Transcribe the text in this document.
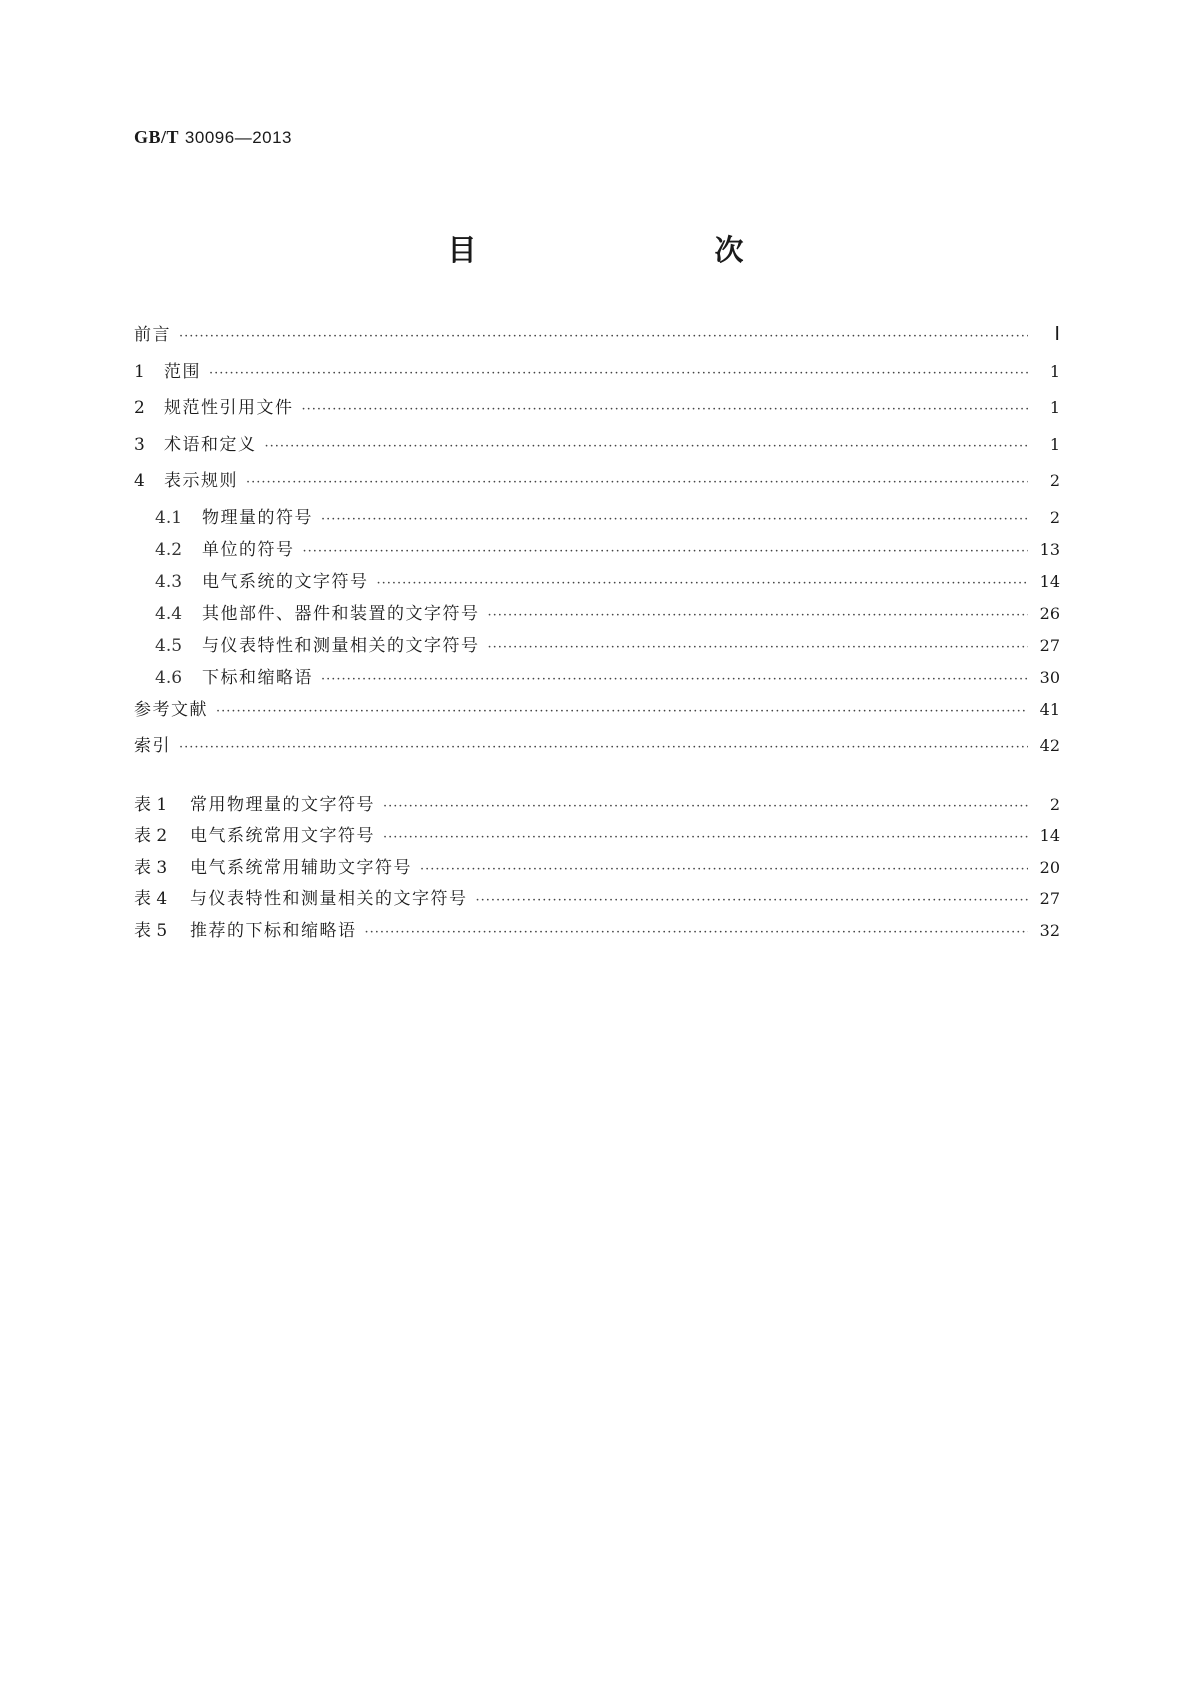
GB/T 30096—2013
目　　次
前言 ·····	Ⅰ
1	范围 ·····	1
2	规范性引用文件 ·····	1
3	术语和定义 ·····	1
4	表示规则 ·····	2
4.1	物理量的符号 ·····	2
4.2	单位的符号 ·····	13
4.3	电气系统的文字符号 ·····	14
4.4	其他部件、器件和装置的文字符号 ·····	26
4.5	与仪表特性和测量相关的文字符号 ·····	27
4.6	下标和缩略语 ·····	30
参考文献 ·····	41
索引 ·····	42
表 1	常用物理量的文字符号 ·····	2
表 2	电气系统常用文字符号 ·····	14
表 3	电气系统常用辅助文字符号 ·····	20
表 4	与仪表特性和测量相关的文字符号 ·····	27
表 5	推荐的下标和缩略语 ·····	32
